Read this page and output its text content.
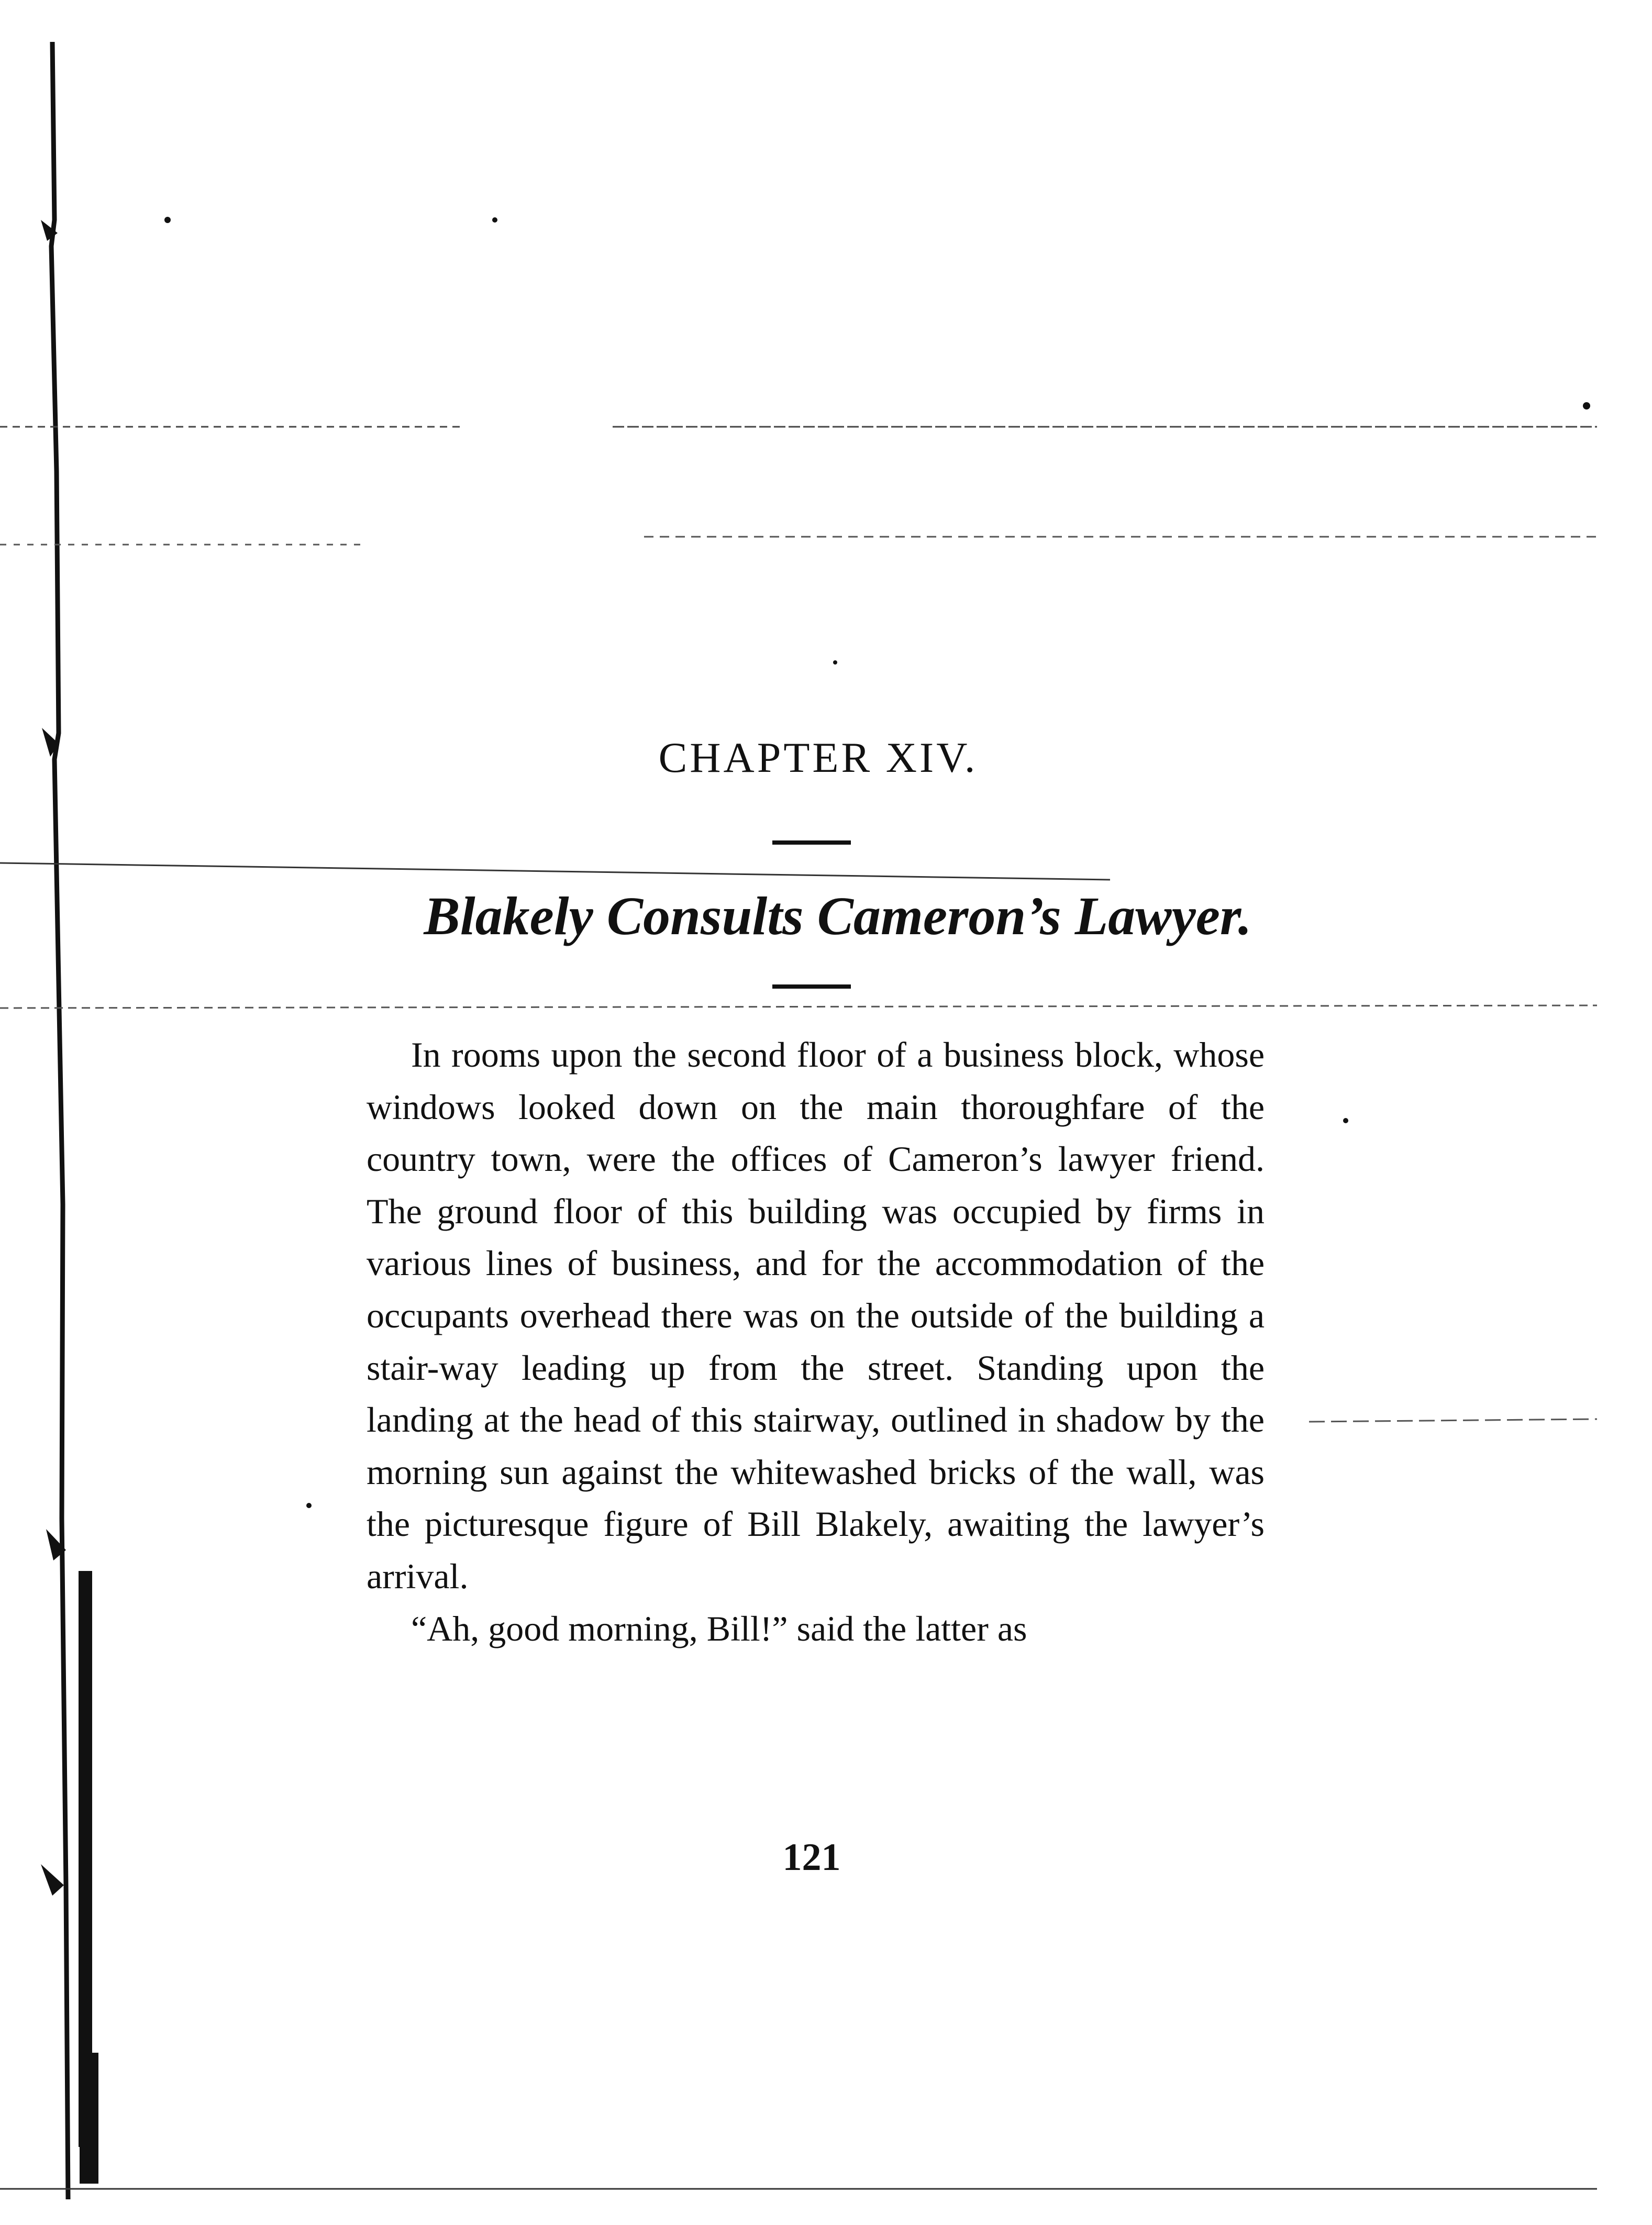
CHAPTER XIV.
Blakely Consults Cameron’s Lawyer.

In rooms upon the second floor of a business block, whose windows looked down on the main thoroughfare of the country town, were the offices of Cameron’s lawyer friend. The ground floor of this building was occupied by firms in various lines of business, and for the accommodation of the occupants overhead there was on the outside of the building a stair-way leading up from the street. Standing upon the landing at the head of this stairway, outlined in shadow by the morning sun against the whitewashed bricks of the wall, was the picturesque figure of Bill Blakely, awaiting the lawyer’s arrival.

“Ah, good morning, Bill!” said the latter as

121
